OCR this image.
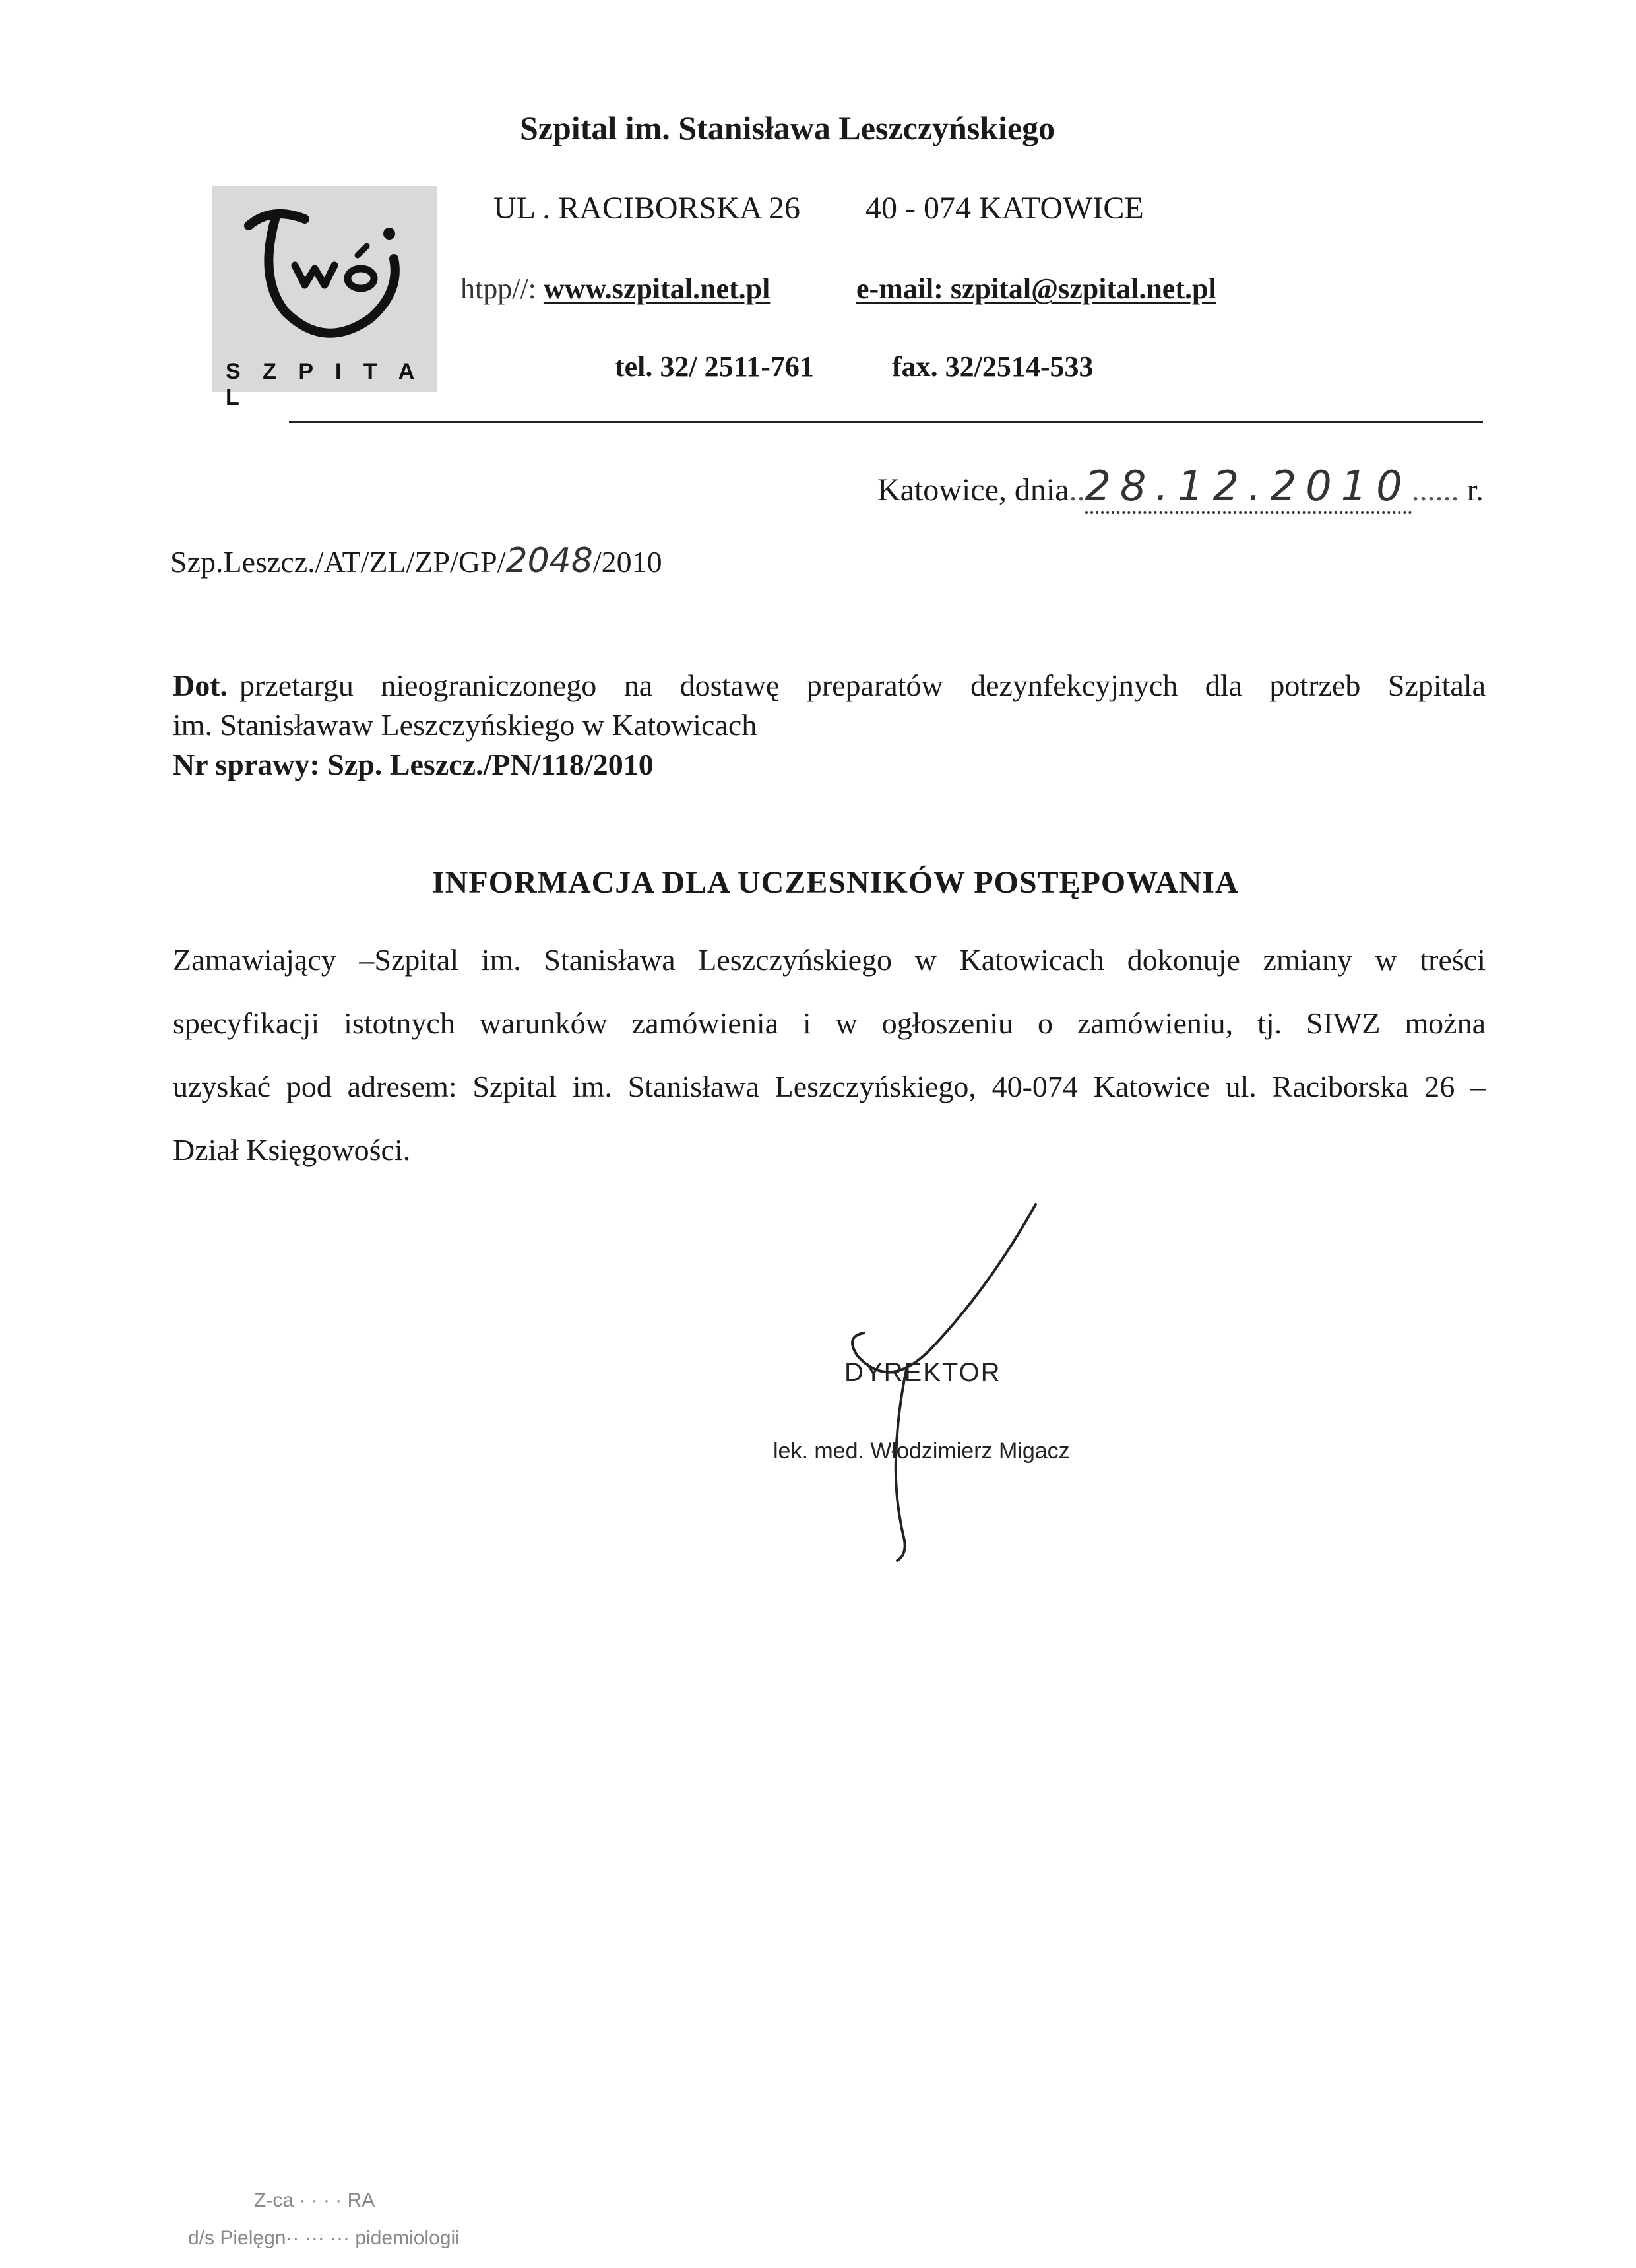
Szpital im. Stanisława Leszczyńskiego
S Z P I T A L
UL . RACIBORSKA 26 40 - 074 KATOWICE
htpp//: www.szpital.net.pl	e-mail: szpital@szpital.net.pl
tel. 32/ 2511-761	fax. 32/2514-533
Katowice, dnia..28.12.2010...... r.
Szp.Leszcz./AT/ZL/ZP/GP/2048/2010
Dot. przetargu nieograniczonego na dostawę preparatów dezynfekcyjnych dla potrzeb Szpitala
im. Stanisławaw Leszczyńskiego w Katowicach
Nr sprawy: Szp. Leszcz./PN/118/2010
INFORMACJA DLA UCZESNIKÓW POSTĘPOWANIA
Zamawiający –Szpital im. Stanisława Leszczyńskiego w Katowicach dokonuje zmiany w treści
specyfikacji istotnych warunków zamówienia i w ogłoszeniu o zamówieniu, tj. SIWZ można
uzyskać pod adresem: Szpital im. Stanisława Leszczyńskiego, 40-074 Katowice ul. Raciborska 26 –
Dział Księgowości.
DYREKTOR
lek. med. Włodzimierz Migacz
Z-ca · · · · RA
d/s Pielęgn·· ··· ··· pidemiologii
